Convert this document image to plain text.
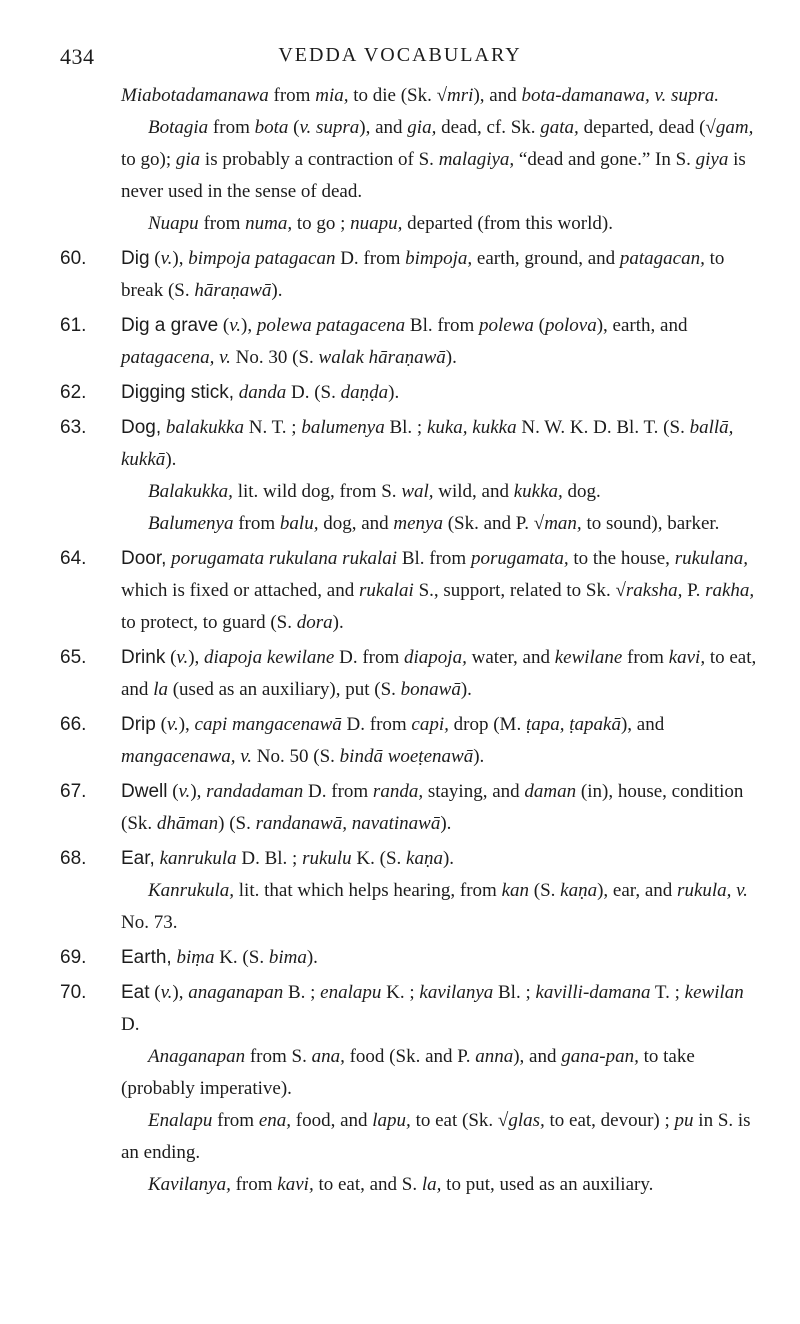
434	VEDDA VOCABULARY
Miabotadamanawa from mia, to die (Sk. √mri), and bota-damanawa, v. supra.
Botagia from bota (v. supra), and gia, dead, cf. Sk. gata, departed, dead (√gam, to go); gia is probably a contraction of S. malagiya, “dead and gone.” In S. giya is never used in the sense of dead.
Nuapu from numa, to go ; nuapu, departed (from this world).
60. Dig (v.), bimpoja patagacan D. from bimpoja, earth, ground, and patagacan, to break (S. hāraṇawā).
61. Dig a grave (v.), polewa patagacena Bl. from polewa (polova), earth, and patagacena, v. No. 30 (S. walak hāraṇawā).
62. Digging stick, danda D. (S. daṇḍa).
63. Dog, balakukka N. T. ; balumenya Bl. ; kuka, kukka N. W. K. D. Bl. T. (S. ballā, kukkā).
Balakukka, lit. wild dog, from S. wal, wild, and kukka, dog.
Balumenya from balu, dog, and menya (Sk. and P. √man, to sound), barker.
64. Door, porugamata rukulana rukalai Bl. from porugamata, to the house, rukulana, which is fixed or attached, and rukalai S., support, related to Sk. √raksha, P. rakha, to protect, to guard (S. dora).
65. Drink (v.), diapoja kewilane D. from diapoja, water, and kewilane from kavi, to eat, and la (used as an auxiliary), put (S. bonawā).
66. Drip (v.), capi mangacenawā D. from capi, drop (M. ṭapa, ṭapakā), and mangacenawa, v. No. 50 (S. bindā woeṭenawā).
67. Dwell (v.), randadaman D. from randa, staying, and daman (in), house, condition (Sk. dhāman) (S. randanawā, navatinawā).
68. Ear, kanrukula D. Bl. ; rukulu K. (S. kaṇa).
Kanrukula, lit. that which helps hearing, from kan (S. kaṇa), ear, and rukula, v. No. 73.
69. Earth, biṃa K. (S. bima).
70. Eat (v.), anaganapan B. ; enalapu K. ; kavilanya Bl. ; kavilli-damana T. ; kewilan D.
Anaganapan from S. ana, food (Sk. and P. anna), and gana-pan, to take (probably imperative).
Enalapu from ena, food, and lapu, to eat (Sk. √glas, to eat, devour) ; pu in S. is an ending.
Kavilanya, from kavi, to eat, and S. la, to put, used as an auxiliary.
